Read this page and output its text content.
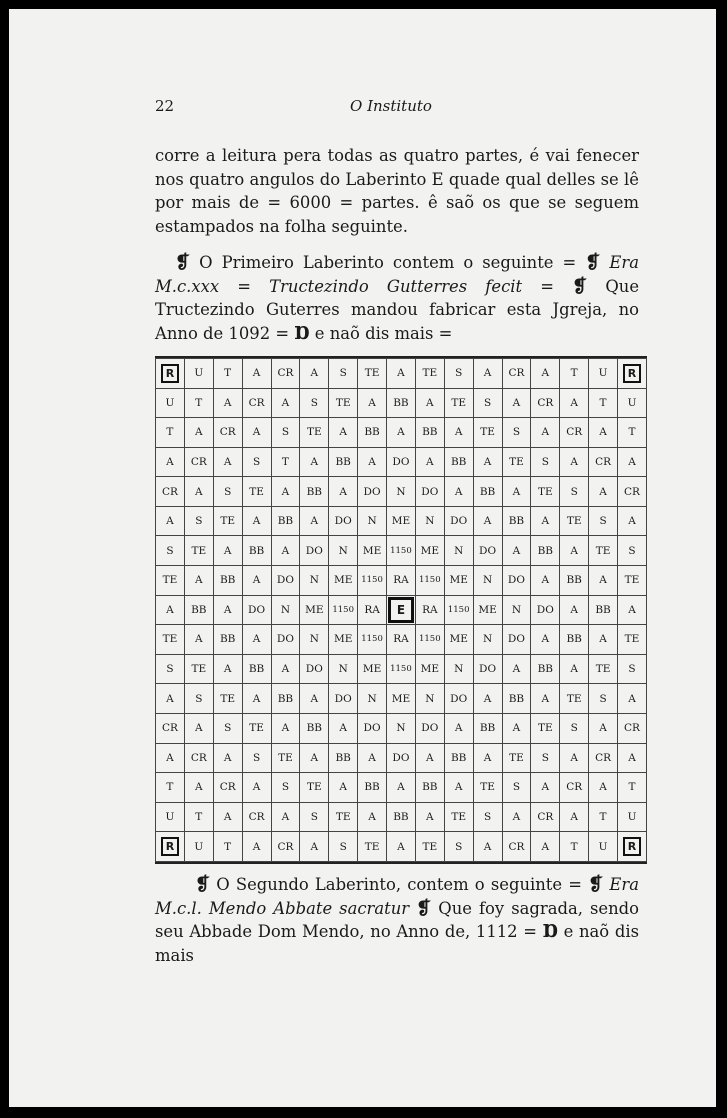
22	O Instituto

corre a leitura pera todas as quatro partes, é vai fenecer nos quatro angulos do Laberinto E quade qual delles se lê por mais de = 6000 = partes. ê saõ os que se seguem estampados na folha seguinte.

❡ O Primeiro Laberinto contem o seguinte = ❡ Era M.c.xxx = Tructezindo Gutterres fecit = ❡ Que Tructezindo Guterres mandou fabricar esta Jgreja, no Anno de 1092 = Ɒ e naõ dis mais =

R	U	T	A	CR	A	S	TE	A	TE	S	A	CR	A	T	U	R
U	T	A	CR	A	S	TE	A	BB	A	TE	S	A	CR	A	T	U
T	A	CR	A	S	TE	A	BB	A	BB	A	TE	S	A	CR	A	T
A	CR	A	S	T	A	BB	A	DO	A	BB	A	TE	S	A	CR	A
CR	A	S	TE	A	BB	A	DO	N	DO	A	BB	A	TE	S	A	CR
A	S	TE	A	BB	A	DO	N	ME	N	DO	A	BB	A	TE	S	A
S	TE	A	BB	A	DO	N	ME	1150	ME	N	DO	A	BB	A	TE	S
TE	A	BB	A	DO	N	ME	1150	RA	1150	ME	N	DO	A	BB	A	TE
A	BB	A	DO	N	ME	1150	RA	E	RA	1150	ME	N	DO	A	BB	A
TE	A	BB	A	DO	N	ME	1150	RA	1150	ME	N	DO	A	BB	A	TE
S	TE	A	BB	A	DO	N	ME	1150	ME	N	DO	A	BB	A	TE	S
A	S	TE	A	BB	A	DO	N	ME	N	DO	A	BB	A	TE	S	A
CR	A	S	TE	A	BB	A	DO	N	DO	A	BB	A	TE	S	A	CR
A	CR	A	S	TE	A	BB	A	DO	A	BB	A	TE	S	A	CR	A
T	A	CR	A	S	TE	A	BB	A	BB	A	TE	S	A	CR	A	T
U	T	A	CR	A	S	TE	A	BB	A	TE	S	A	CR	A	T	U
R	U	T	A	CR	A	S	TE	A	TE	S	A	CR	A	T	U	R

❡ O Segundo Laberinto, contem o seguinte = ❡ Era M.c.l. Mendo Abbate sacratur ❡ Que foy sagrada, sendo seu Abbade Dom Mendo, no Anno de, 1112 = Ɒ e naõ dis mais
